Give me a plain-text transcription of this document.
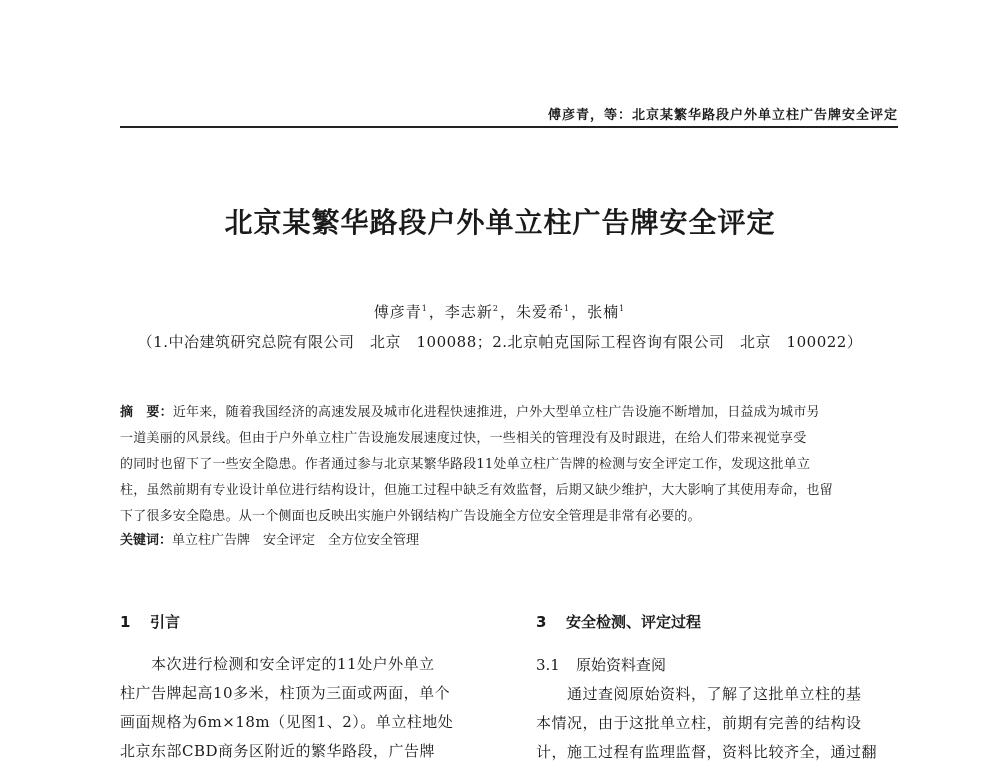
傅彦青，等：北京某繁华路段户外单立柱广告牌安全评定
北京某繁华路段户外单立柱广告牌安全评定
傅彦青$^1$，李志新$^2$，朱爱希$^1$，张楠$^1$
（1.中冶建筑研究总院有限公司　北京　100088；2.北京帕克国际工程咨询有限公司　北京　100022）
摘　要：近年来，随着我国经济的高速发展及城市化进程快速推进，户外大型单立柱广告设施不断增加，日益成为城市另
一道美丽的风景线。但由于户外单立柱广告设施发展速度过快，一些相关的管理没有及时跟进，在给人们带来视觉享受
的同时也留下了一些安全隐患。作者通过参与北京某繁华路段11处单立柱广告牌的检测与安全评定工作，发现这批单立
柱，虽然前期有专业设计单位进行结构设计，但施工过程中缺乏有效监督，后期又缺少维护，大大影响了其使用寿命，也留
下了很多安全隐患。从一个侧面也反映出实施户外钢结构广告设施全方位安全管理是非常有必要的。
关键词：单立柱广告牌　安全评定　全方位安全管理
1 引言
　　本次进行检测和安全评定的11处户外单立
柱广告牌起高10多米，柱顶为三面或两面，单个
画面规格为6m×18m（见图1、2）。单立柱地处
北京东部CBD商务区附近的繁华路段，广告牌
3 安全检测、评定过程
3.1 原始资料查阅
　　通过查阅原始资料，了解了这批单立柱的基
本情况，由于这批单立柱，前期有完善的结构设
计，施工过程有监理监督，资料比较齐全，通过翻
